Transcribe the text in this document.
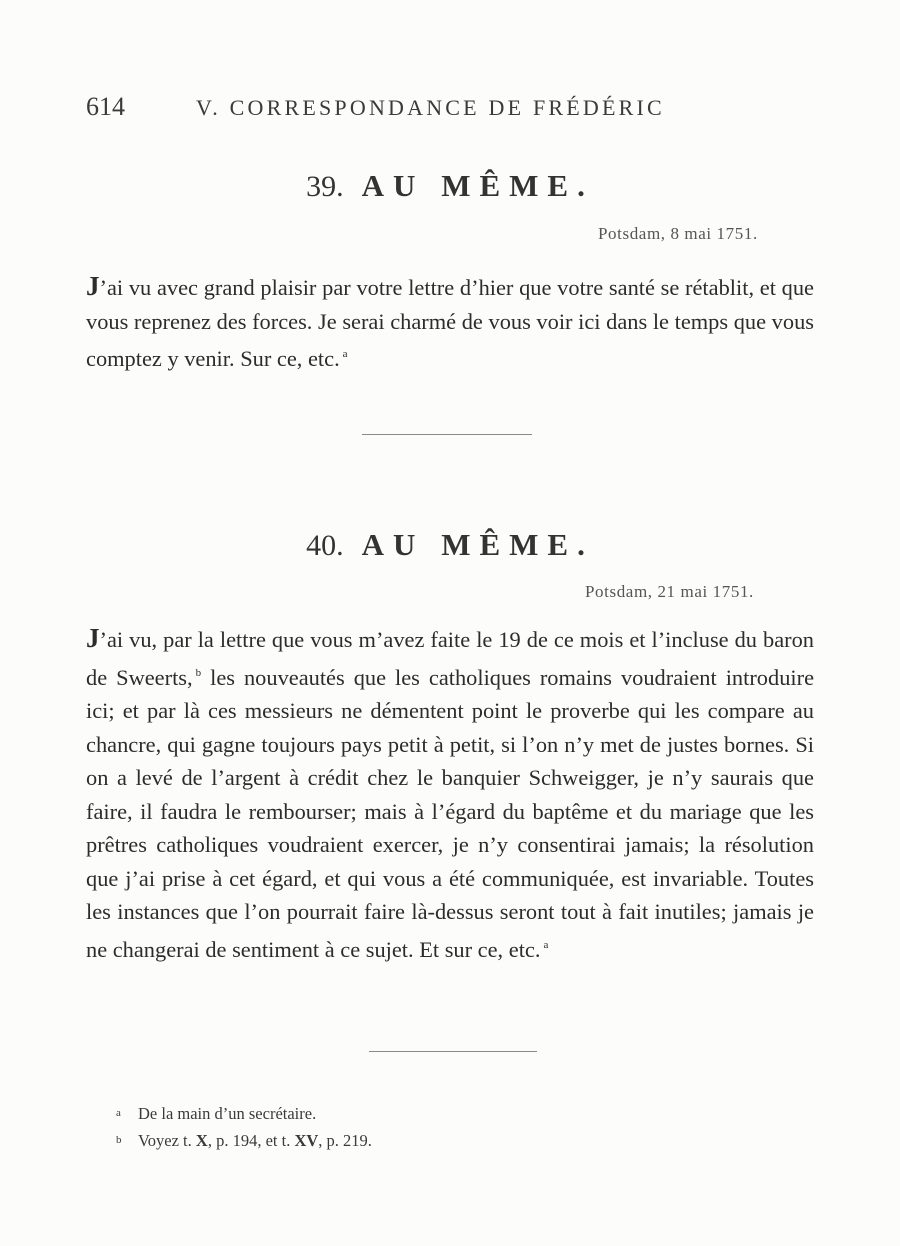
614	V. CORRESPONDANCE DE FRÉDÉRIC
39. AU MÊME.
Potsdam, 8 mai 1751.
J’ai vu avec grand plaisir par votre lettre d’hier que votre santé se rétablit, et que vous reprenez des forces. Je serai charmé de vous voir ici dans le temps que vous comptez y venir. Sur ce, etc. $^a$
40. AU MÊME.
Potsdam, 21 mai 1751.
J’ai vu, par la lettre que vous m’avez faite le 19 de ce mois et l’incluse du baron de Sweerts, $^b$ les nouveautés que les catholiques romains voudraient introduire ici; et par là ces messieurs ne démentent point le proverbe qui les compare au chancre, qui gagne toujours pays petit à petit, si l’on n’y met de justes bornes. Si on a levé de l’argent à crédit chez le banquier Schweigger, je n’y saurais que faire, il faudra le rembourser; mais à l’égard du baptême et du mariage que les prêtres catholiques voudraient exercer, je n’y consentirai jamais; la résolution que j’ai prise à cet égard, et qui vous a été communiquée, est invariable. Toutes les instances que l’on pourrait faire là-dessus seront tout à fait inutiles; jamais je ne changerai de sentiment à ce sujet. Et sur ce, etc. $^a$
a De la main d’un secrétaire.
b Voyez t. X, p. 194, et t. XV, p. 219.
